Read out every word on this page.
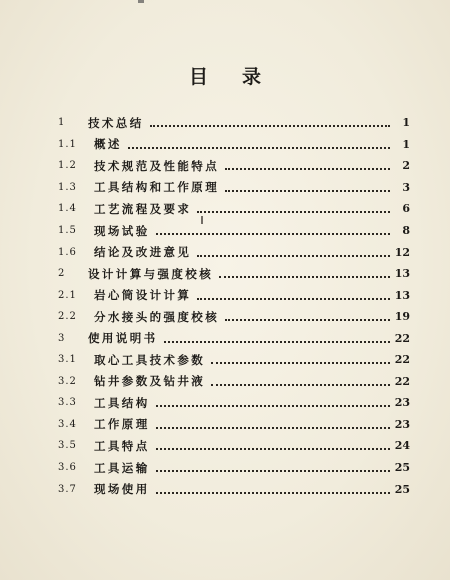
目录
1	技术总结	1
1.1	概述	1
1.2	技术规范及性能特点	2
1.3	工具结构和工作原理	3
1.4	工艺流程及要求	6
1.5	现场试验	8
1.6	结论及改进意见	12
2	设计计算与强度校核	13
2.1	岩心筒设计计算	13
2.2	分水接头的强度校核	19
3	使用说明书	22
3.1	取心工具技术参数	22
3.2	钻井参数及钻井液	22
3.3	工具结构	23
3.4	工作原理	23
3.5	工具特点	24
3.6	工具运输	25
3.7	现场使用	25
